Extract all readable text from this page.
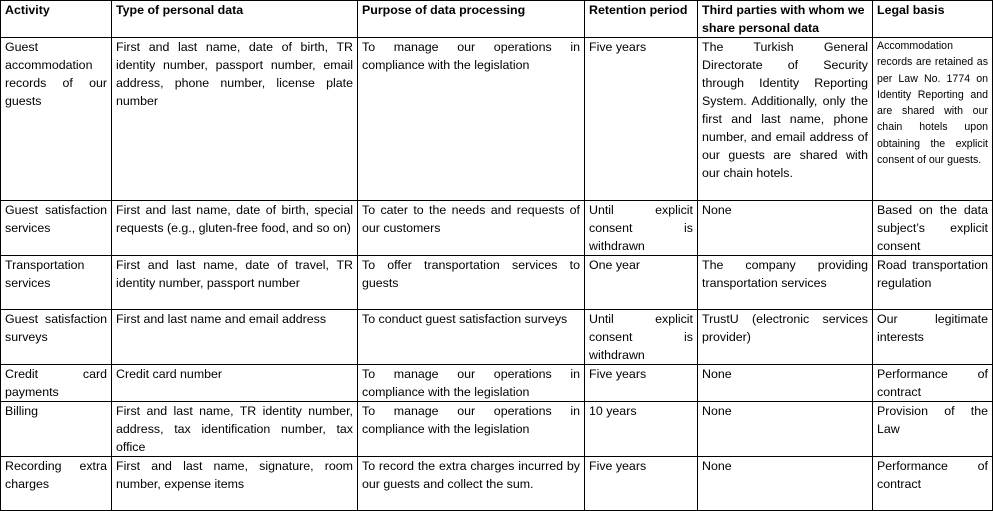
Activity	Type of personal data	Purpose of data processing	Retention period	Third parties with whom we share personal data	Legal basis
Guest accommodation records of our guests	First and last name, date of birth, TR identity number, passport number, email address, phone number, license plate number	To manage our operations in compliance with the legislation	Five years	The Turkish General Directorate of Security through Identity Reporting System. Additionally, only the first and last name, phone number, and email address of our guests are shared with our chain hotels.	Accommodation records are retained as per Law No. 1774 on Identity Reporting and are shared with our chain hotels upon obtaining the explicit consent of our guests.
Guest satisfaction services	First and last name, date of birth, special requests (e.g., gluten-free food, and so on)	To cater to the needs and requests of our customers	Until explicit consent is withdrawn	None	Based on the data subject’s explicit consent
Transportation services	First and last name, date of travel, TR identity number, passport number	To offer transportation services to guests	One year	The company providing transportation services	Road transportation regulation
Guest satisfaction surveys	First and last name and email address	To conduct guest satisfaction surveys	Until explicit consent is withdrawn	TrustU (electronic services provider)	Our legitimate interests
Credit card payments	Credit card number	To manage our operations in compliance with the legislation	Five years	None	Performance of contract
Billing	First and last name, TR identity number, address, tax identification number, tax office	To manage our operations in compliance with the legislation	10 years	None	Provision of the Law
Recording extra charges	First and last name, signature, room number, expense items	To record the extra charges incurred by our guests and collect the sum.	Five years	None	Performance of contract
